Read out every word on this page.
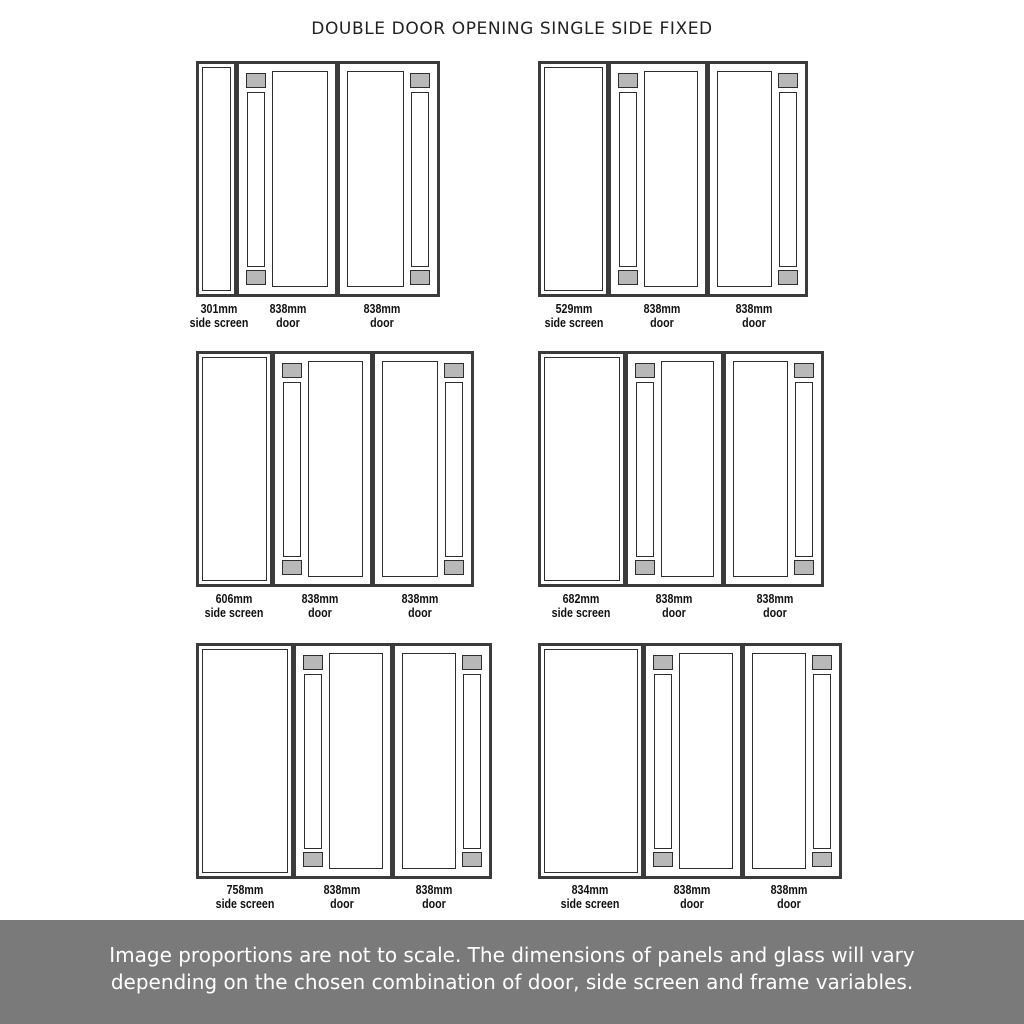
DOUBLE DOOR OPENING SINGLE SIDE FIXED
301mm
side screen
838mm
door
838mm
door
529mm
side screen
838mm
door
838mm
door
606mm
side screen
838mm
door
838mm
door
682mm
side screen
838mm
door
838mm
door
758mm
side screen
838mm
door
838mm
door
834mm
side screen
838mm
door
838mm
door
Image proportions are not to scale. The dimensions of panels and glass will vary
depending on the chosen combination of door, side screen and frame variables.
